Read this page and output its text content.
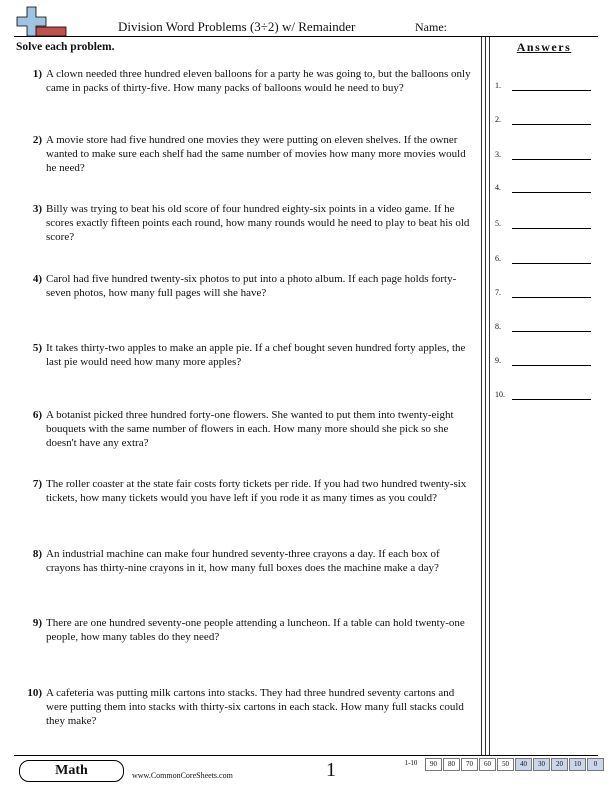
Division Word Problems (3÷2) w/ Remainder	Name:
Solve each problem.
1) A clown needed three hundred eleven balloons for a party he was going to, but the balloons only came in packs of thirty-five. How many packs of balloons would he need to buy?
2) A movie store had five hundred one movies they were putting on eleven shelves. If the owner wanted to make sure each shelf had the same number of movies how many more movies would he need?
3) Billy was trying to beat his old score of four hundred eighty-six points in a video game. If he scores exactly fifteen points each round, how many rounds would he need to play to beat his old score?
4) Carol had five hundred twenty-six photos to put into a photo album. If each page holds forty-seven photos, how many full pages will she have?
5) It takes thirty-two apples to make an apple pie. If a chef bought seven hundred forty apples, the last pie would need how many more apples?
6) A botanist picked three hundred forty-one flowers. She wanted to put them into twenty-eight bouquets with the same number of flowers in each. How many more should she pick so she doesn't have any extra?
7) The roller coaster at the state fair costs forty tickets per ride. If you had two hundred twenty-six tickets, how many tickets would you have left if you rode it as many times as you could?
8) An industrial machine can make four hundred seventy-three crayons a day. If each box of crayons has thirty-nine crayons in it, how many full boxes does the machine make a day?
9) There are one hundred seventy-one people attending a luncheon. If a table can hold twenty-one people, how many tables do they need?
10) A cafeteria was putting milk cartons into stacks. They had three hundred seventy cartons and were putting them into stacks with thirty-six cartons in each stack. How many full stacks could they make?
Answers
1.
2.
3.
4.
5.
6.
7.
8.
9.
10.
Math	www.CommonCoreSheets.com	1	1-10	90	80	70	60	50	40	30	20	10	0
